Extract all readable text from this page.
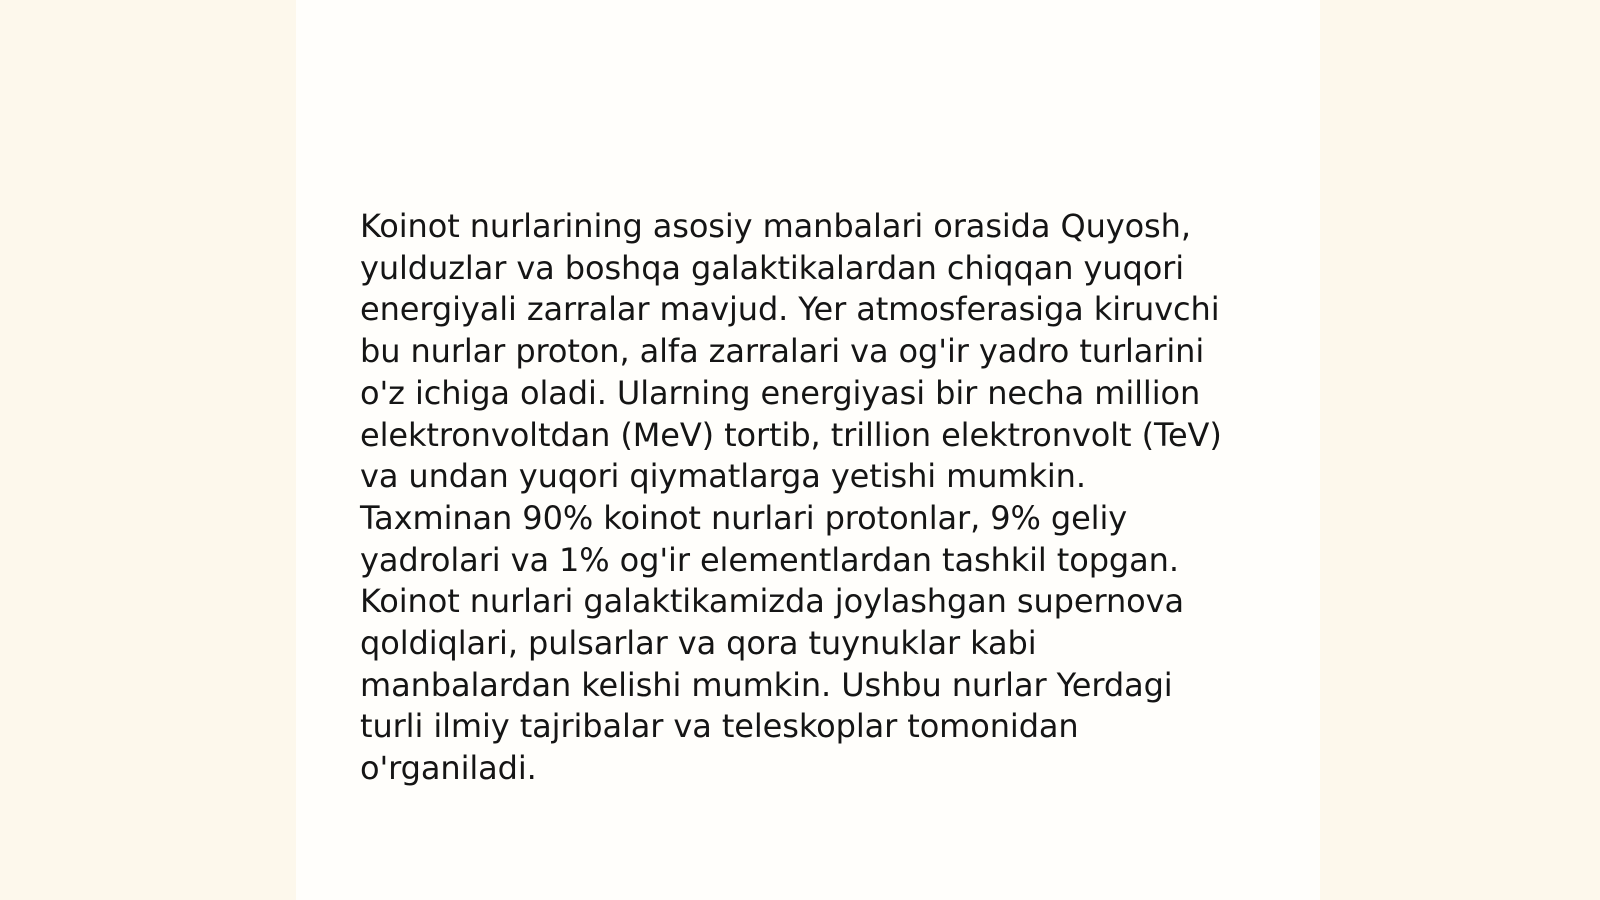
Koinot nurlarining asosiy manbalari orasida Quyosh,
yulduzlar va boshqa galaktikalardan chiqqan yuqori
energiyali zarralar mavjud. Yer atmosferasiga kiruvchi
bu nurlar proton, alfa zarralari va og'ir yadro turlarini
o'z ichiga oladi. Ularning energiyasi bir necha million
elektronvoltdan (MeV) tortib, trillion elektronvolt (TeV)
va undan yuqori qiymatlarga yetishi mumkin.
Taxminan 90% koinot nurlari protonlar, 9% geliy
yadrolari va 1% og'ir elementlardan tashkil topgan.
Koinot nurlari galaktikamizda joylashgan supernova
qoldiqlari, pulsarlar va qora tuynuklar kabi
manbalardan kelishi mumkin. Ushbu nurlar Yerdagi
turli ilmiy tajribalar va teleskoplar tomonidan
o'rganiladi.
